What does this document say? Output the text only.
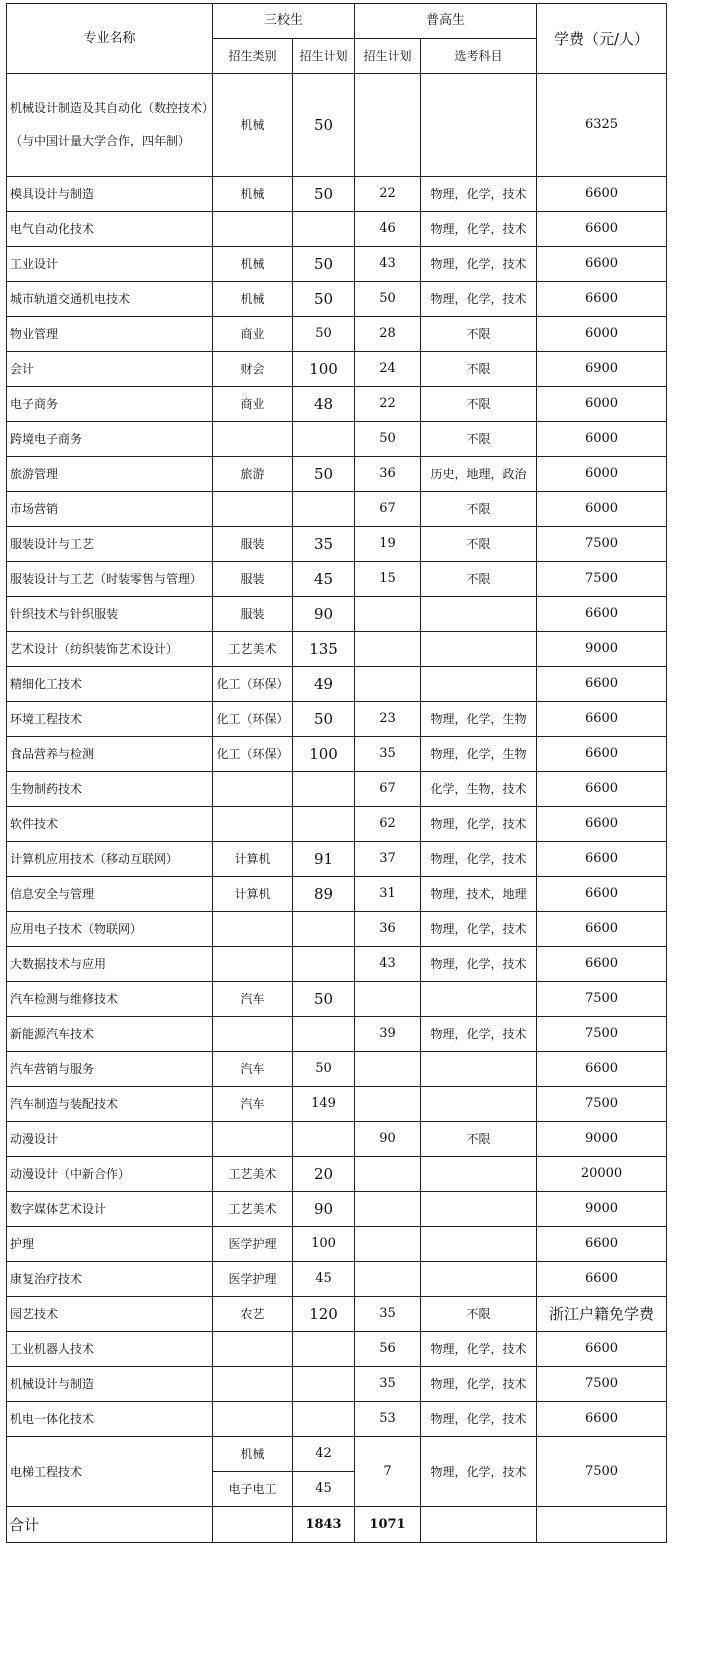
专业名称	三校生		普高生		学费（元/人）
	招生类别	招生计划	招生计划	选考科目	
机械设计制造及其自动化（数控技术）（与中国计量大学合作，四年制）	机械	50			6325
模具设计与制造	机械	50	22	物理，化学，技术	6600
电气自动化技术			46	物理，化学，技术	6600
工业设计	机械	50	43	物理，化学，技术	6600
城市轨道交通机电技术	机械	50	50	物理，化学，技术	6600
物业管理	商业	50	28	不限	6000
会计	财会	100	24	不限	6900
电子商务	商业	48	22	不限	6000
跨境电子商务			50	不限	6000
旅游管理	旅游	50	36	历史，地理，政治	6000
市场营销			67	不限	6000
服装设计与工艺	服装	35	19	不限	7500
服装设计与工艺（时装零售与管理）	服装	45	15	不限	7500
针织技术与针织服装	服装	90			6600
艺术设计（纺织装饰艺术设计）	工艺美术	135			9000
精细化工技术	化工（环保）	49			6600
环境工程技术	化工（环保）	50	23	物理，化学，生物	6600
食品营养与检测	化工（环保）	100	35	物理，化学，生物	6600
生物制药技术			67	化学，生物，技术	6600
软件技术			62	物理，化学，技术	6600
计算机应用技术（移动互联网）	计算机	91	37	物理，化学，技术	6600
信息安全与管理	计算机	89	31	物理，技术，地理	6600
应用电子技术（物联网）			36	物理，化学，技术	6600
大数据技术与应用			43	物理，化学，技术	6600
汽车检测与维修技术	汽车	50			7500
新能源汽车技术			39	物理，化学，技术	7500
汽车营销与服务	汽车	50			6600
汽车制造与装配技术	汽车	149			7500
动漫设计			90	不限	9000
动漫设计（中新合作）	工艺美术	20			20000
数字媒体艺术设计	工艺美术	90			9000
护理	医学护理	100			6600
康复治疗技术	医学护理	45			6600
园艺技术	农艺	120	35	不限	浙江户籍免学费
工业机器人技术			56	物理，化学，技术	6600
机械设计与制造			35	物理，化学，技术	7500
机电一体化技术			53	物理，化学，技术	6600
电梯工程技术	机械	42	7	物理，化学，技术	7500
	电子电工	45			
合计		1843	1071		
